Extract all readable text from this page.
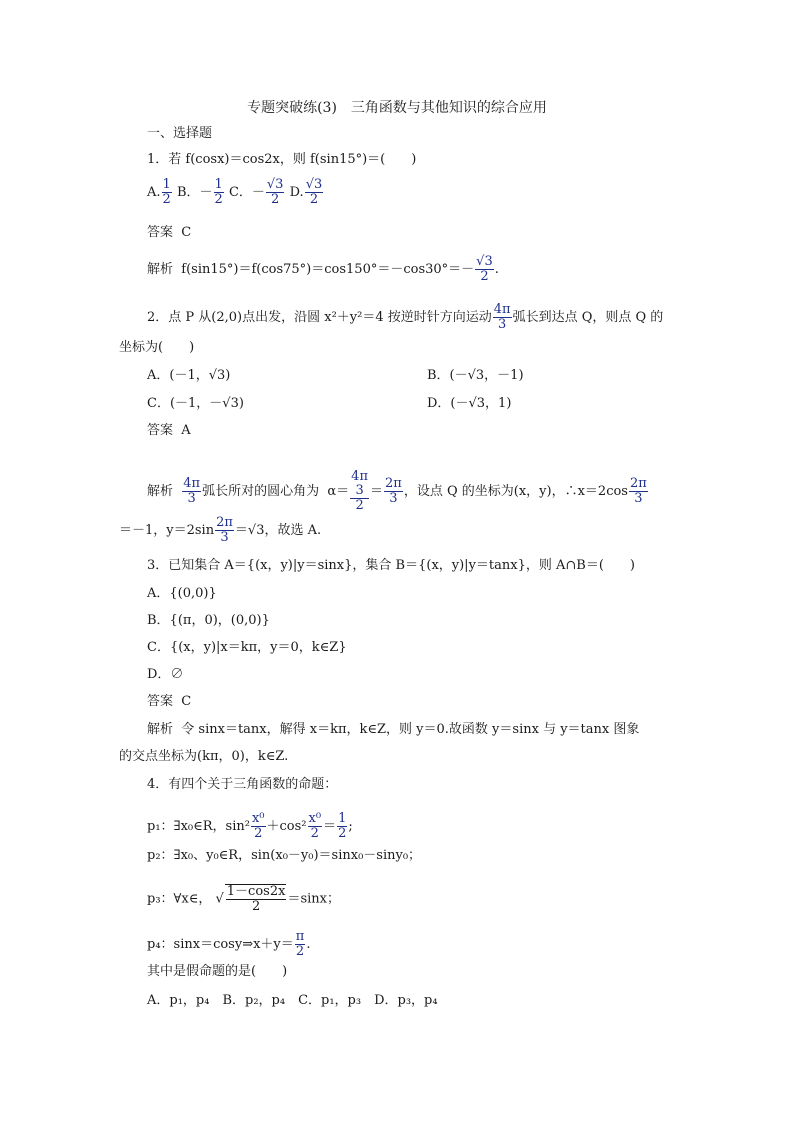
专题突破练(3)　三角函数与其他知识的综合应用
一、选择题
1．若 f(cosx)＝cos2x，则 f(sin15°)＝(　　)
A. $\frac{1}{2}$ B．－ $\frac{1}{2}$ C．－ $\frac{√3}{2} D$. $\frac{√3}{2}$
答案 C
解析 $f(\sin 15^\circ)=f(\cos 75^\circ)=\cos 150^\circ=-\cos 30^\circ=- \frac{√3}{2}$ .
2．点 P 从(2,0)点出发，沿圆 x²＋y²＝4 按逆时针方向运动 $\frac{4\pi}{3}$ 弧长到达点 Q，则点 Q 的
坐标为(　　)
A．(－1，√3)	B．(－√3，－1)
C．(－1，－√3)	D．(－√3，1)
答案 A
解析 $\frac{4\pi}{3}$ 弧长所对的圆心角为 α＝
4π
3
2
＝ $\frac{2\pi}{3}$ ，设点 Q 的坐标为(x，y)，∴x＝2cos $\frac{2\pi}{3}$
＝－1，$y=2\sin \frac{2\pi}{3} =√3$，故选 A.
3．已知集合 A＝{(x，y)|y＝sinx}，集合 B＝{(x，y)|y＝tanx}，则 A∩B＝(　　)
A．{(0,0)}
B．{(π，0)，(0,0)}
C．{(x，y)|x＝kπ，y＝0，k∈Z}
D．∅
答案 C
解析 令 sinx＝tanx，解得 x＝kπ，k∈Z，则 y＝0.故函数 y＝sinx 与 y＝tanx 图象
的交点坐标为(kπ，0)，k∈Z.
4．有四个关于三角函数的命题：
p₁：∃x₀∈R，$\sin^2 \frac{\text{x⁰}}{2} +\cos^2 \frac{\text{x⁰}}{2} = \frac{1}{2}$ ;
p₂：∃x₀、y₀∈R，sin(x₀－y₀)＝sinx₀－siny₀；
p₃：∀x∈， √ $\frac{1-\cos 2x}{2} =\sin x$；
p₄：sinx＝cosy⇒x＋y＝ $\frac{\pi}{2}$ .
其中是假命题的是(　　)
A．p₁，p₄　B．p₂，p₄　C．p₁，p₃　D．p₃，p₄
